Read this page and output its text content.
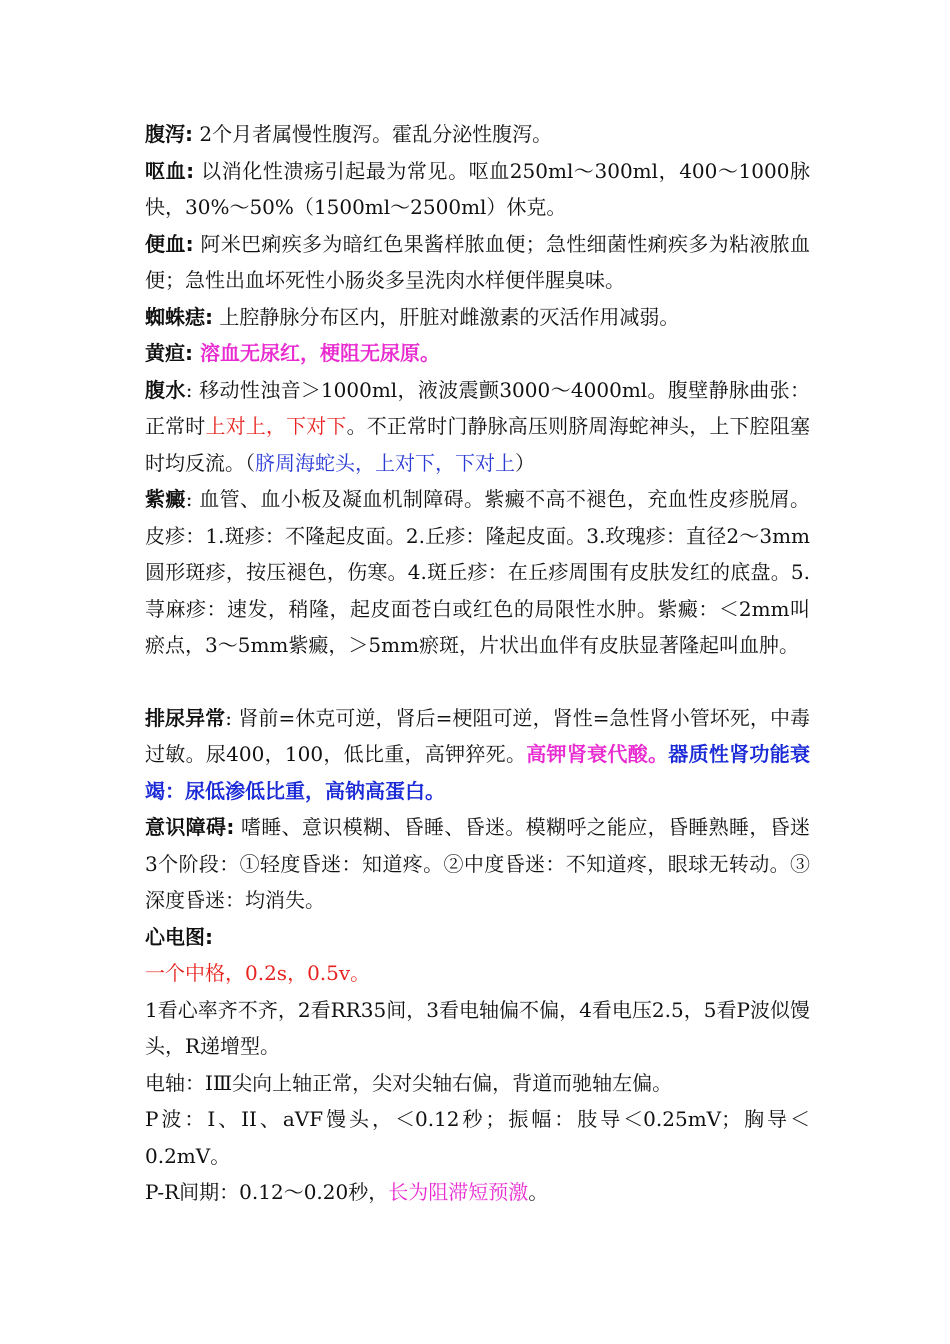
腹泻: 2个月者属慢性腹泻。霍乱分泌性腹泻。

呕血: 以消化性溃疡引起最为常见。呕血250ml～300ml，400～1000脉快，30%～50%（1500ml～2500ml）休克。

便血: 阿米巴痢疾多为暗红色果酱样脓血便；急性细菌性痢疾多为粘液脓血便；急性出血坏死性小肠炎多呈洗肉水样便伴腥臭味。

蜘蛛痣: 上腔静脉分布区内，肝脏对雌激素的灭活作用减弱。

黄疸: 溶血无尿红，梗阻无尿原。

腹水: 移动性浊音＞1000ml，液波震颤3000～4000ml。腹壁静脉曲张：正常时上对上，下对下。不正常时门静脉高压则脐周海蛇神头，上下腔阻塞时均反流。（脐周海蛇头，上对下，下对上）

紫癜: 血管、血小板及凝血机制障碍。紫癜不高不褪色，充血性皮疹脱屑。皮疹：1.斑疹：不隆起皮面。2.丘疹：隆起皮面。3.玫瑰疹：直径2～3mm圆形斑疹，按压褪色，伤寒。4.斑丘疹：在丘疹周围有皮肤发红的底盘。5.荨麻疹：速发，稍隆，起皮面苍白或红色的局限性水肿。紫癜：＜2mm叫瘀点，3～5mm紫癜，＞5mm瘀斑，片状出血伴有皮肤显著隆起叫血肿。

排尿异常: 肾前=休克可逆，肾后=梗阻可逆，肾性=急性肾小管坏死，中毒过敏。尿400，100，低比重，高钾猝死。高钾肾衰代酸。器质性肾功能衰竭：尿低渗低比重，高钠高蛋白。

意识障碍: 嗜睡、意识模糊、昏睡、昏迷。模糊呼之能应，昏睡熟睡，昏迷3个阶段：①轻度昏迷：知道疼。②中度昏迷：不知道疼，眼球无转动。③深度昏迷：均消失。

心电图:

一个中格，0.2s，0.5v。

1看心率齐不齐，2看RR35间，3看电轴偏不偏，4看电压2.5，5看P波似馒头，R递增型。

电轴：ⅠⅢ尖向上轴正常，尖对尖轴右偏，背道而驰轴左偏。

P波：I、II、aVF馒头，＜0.12秒；振幅：肢导＜0.25mV；胸导＜0.2mV。

P-R间期：0.12～0.20秒，长为阻滞短预激。
